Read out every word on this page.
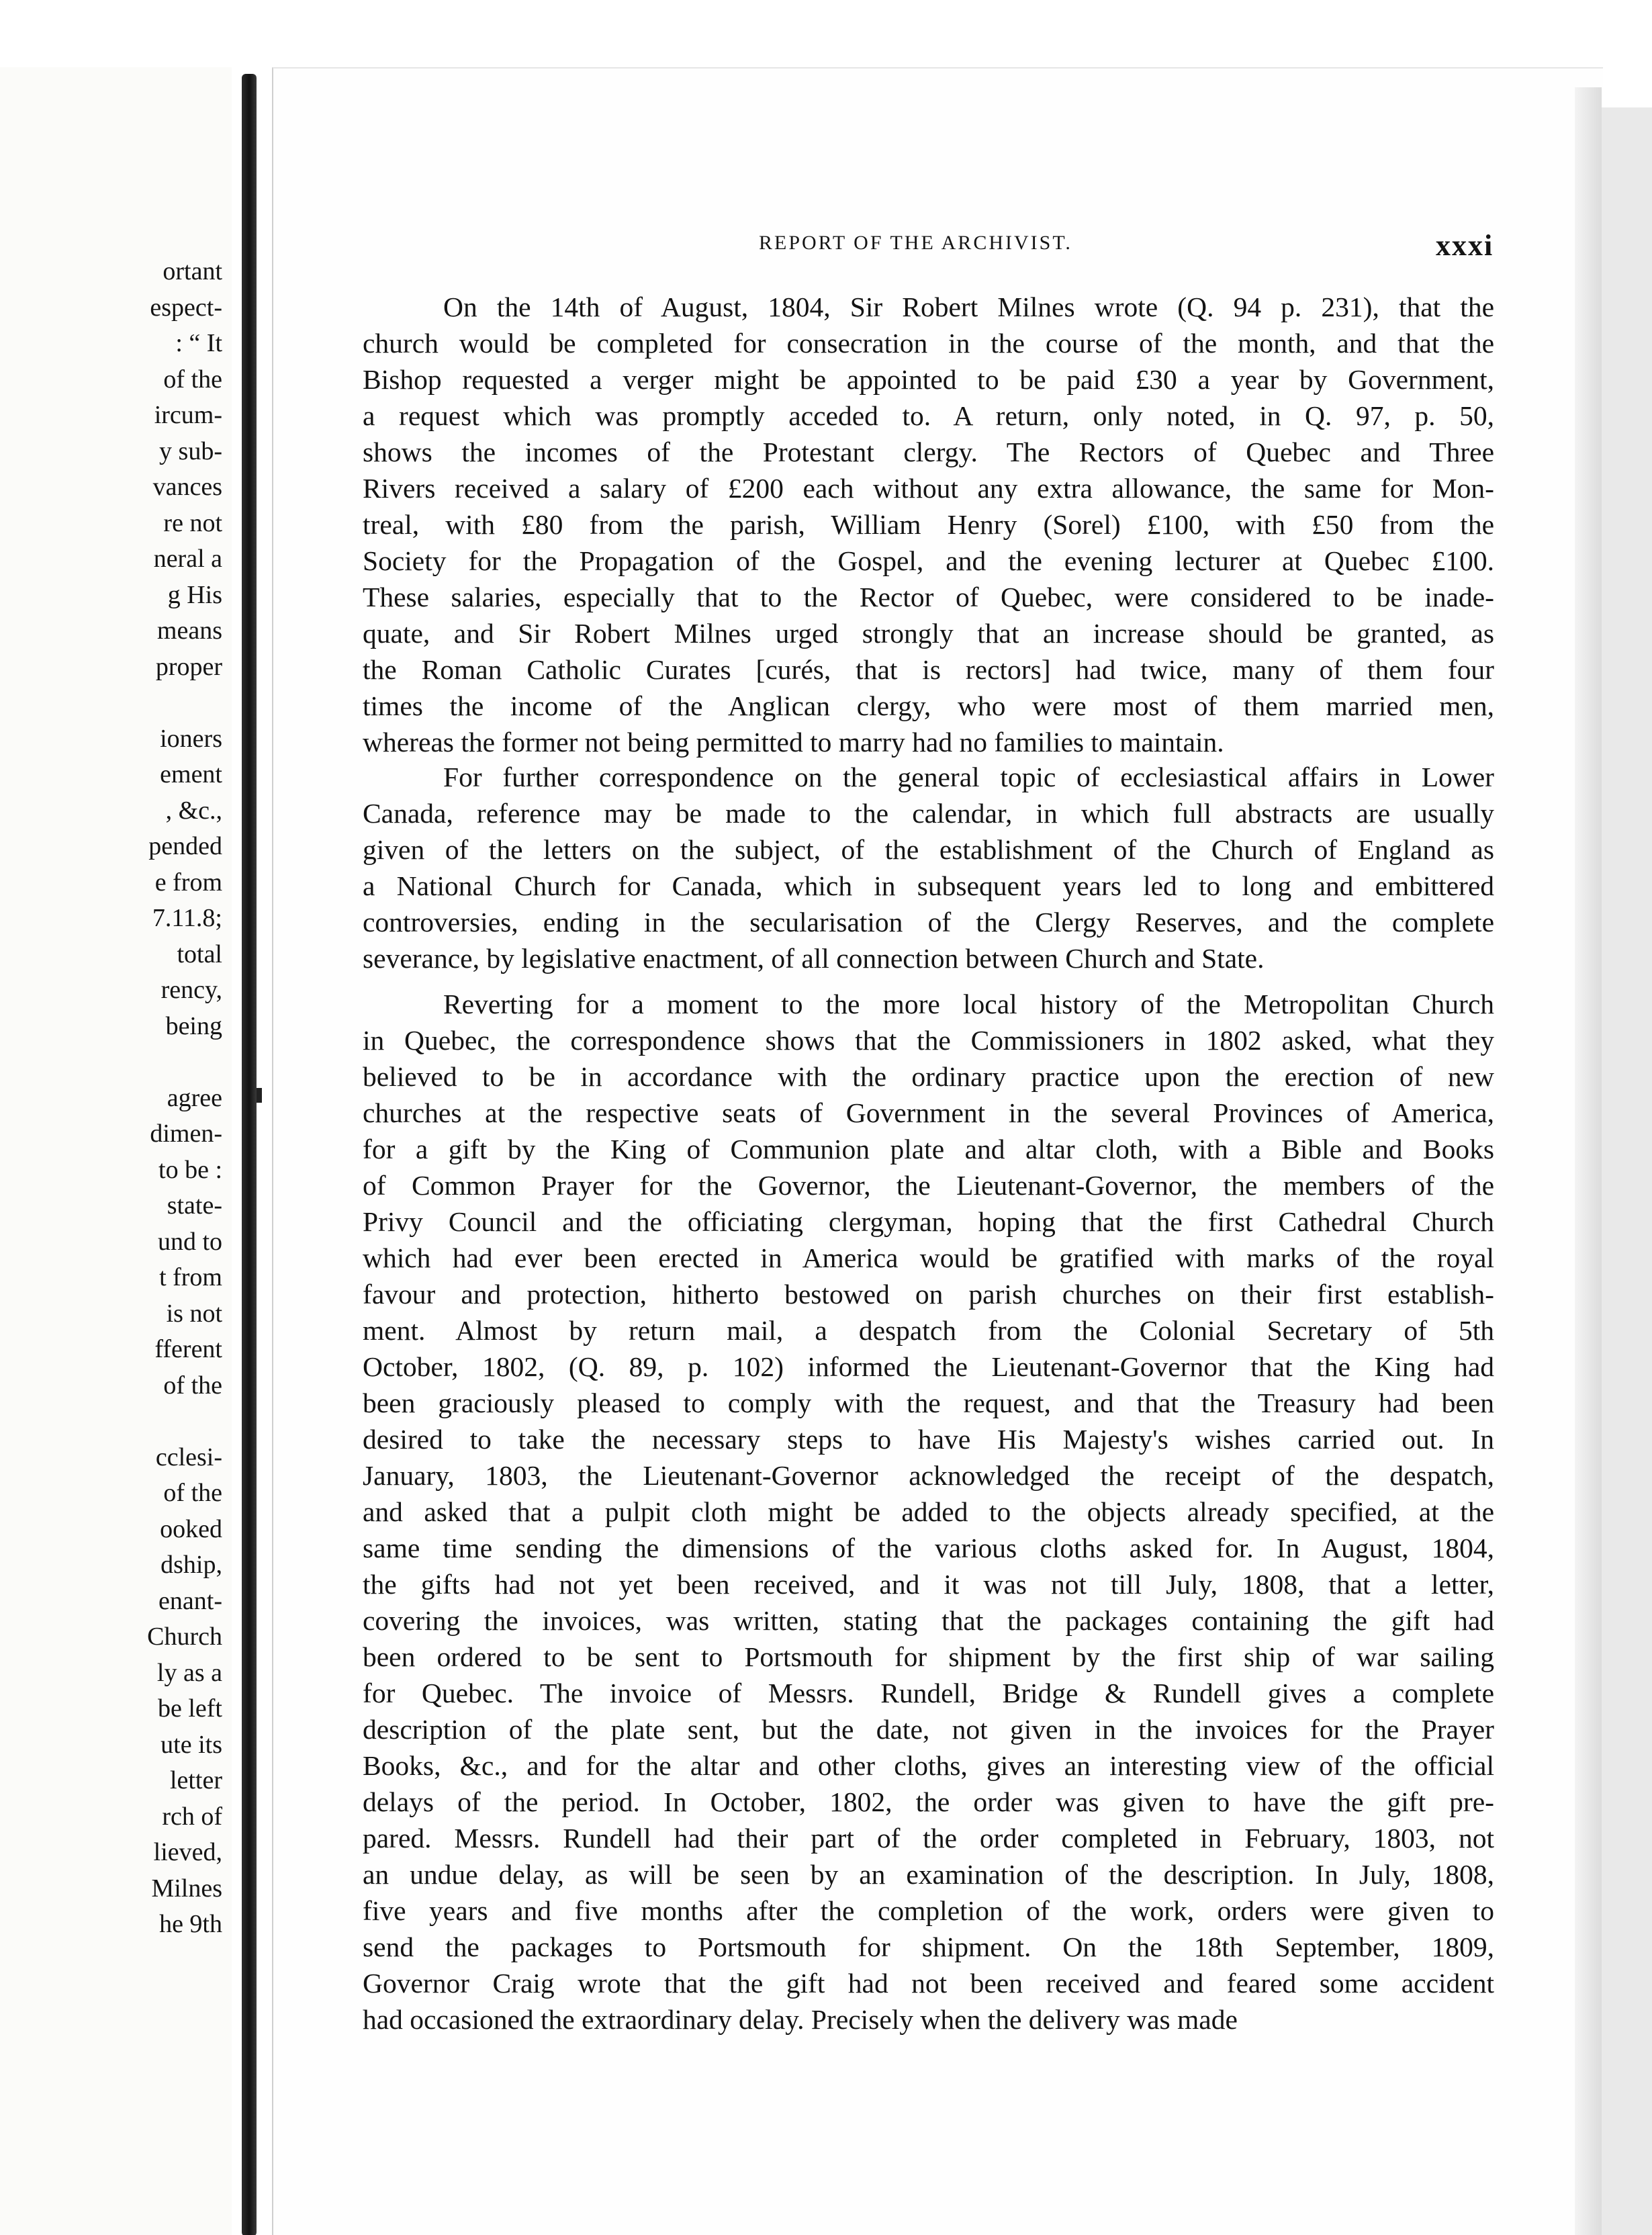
ortant
espect-
: “ It
of the
ircum-
y sub-
vances
re not
neral a
g His
means
proper
ioners
ement
, &c.,
pended
e from
7.11.8;
total
rency,
being
agree
dimen-
to be :
state-
und to
t from
is not
fferent
of the
cclesi-
of the
ooked
dship,
enant-
Church
ly as a
be left
ute its
letter
rch of
lieved,
Milnes
he 9th
REPORT OF THE ARCHIVIST.	xxxi
On the 14th of August, 1804, Sir Robert Milnes wrote (Q. 94 p. 231), that the
church would be completed for consecration in the course of the month, and that the
Bishop requested a verger might be appointed to be paid £30 a year by Government,
a request which was promptly acceded to. A return, only noted, in Q. 97, p. 50,
shows the incomes of the Protestant clergy. The Rectors of Quebec and Three
Rivers received a salary of £200 each without any extra allowance, the same for Mon-
treal, with £80 from the parish, William Henry (Sorel) £100, with £50 from the
Society for the Propagation of the Gospel, and the evening lecturer at Quebec £100.
These salaries, especially that to the Rector of Quebec, were considered to be inade-
quate, and Sir Robert Milnes urged strongly that an increase should be granted, as
the Roman Catholic Curates [curés, that is rectors] had twice, many of them four
times the income of the Anglican clergy, who were most of them married men,
whereas the former not being permitted to marry had no families to maintain.
For further correspondence on the general topic of ecclesiastical affairs in Lower
Canada, reference may be made to the calendar, in which full abstracts are usually
given of the letters on the subject, of the establishment of the Church of England as
a National Church for Canada, which in subsequent years led to long and embittered
controversies, ending in the secularisation of the Clergy Reserves, and the complete
severance, by legislative enactment, of all connection between Church and State.
Reverting for a moment to the more local history of the Metropolitan Church
in Quebec, the correspondence shows that the Commissioners in 1802 asked, what they
believed to be in accordance with the ordinary practice upon the erection of new
churches at the respective seats of Government in the several Provinces of America,
for a gift by the King of Communion plate and altar cloth, with a Bible and Books
of Common Prayer for the Governor, the Lieutenant-Governor, the members of the
Privy Council and the officiating clergyman, hoping that the first Cathedral Church
which had ever been erected in America would be gratified with marks of the royal
favour and protection, hitherto bestowed on parish churches on their first establish-
ment. Almost by return mail, a despatch from the Colonial Secretary of 5th
October, 1802, (Q. 89, p. 102) informed the Lieutenant-Governor that the King had
been graciously pleased to comply with the request, and that the Treasury had been
desired to take the necessary steps to have His Majesty's wishes carried out. In
January, 1803, the Lieutenant-Governor acknowledged the receipt of the despatch,
and asked that a pulpit cloth might be added to the objects already specified, at the
same time sending the dimensions of the various cloths asked for. In August, 1804,
the gifts had not yet been received, and it was not till July, 1808, that a letter,
covering the invoices, was written, stating that the packages containing the gift had
been ordered to be sent to Portsmouth for shipment by the first ship of war sailing
for Quebec. The invoice of Messrs. Rundell, Bridge & Rundell gives a complete
description of the plate sent, but the date, not given in the invoices for the Prayer
Books, &c., and for the altar and other cloths, gives an interesting view of the official
delays of the period. In October, 1802, the order was given to have the gift pre-
pared. Messrs. Rundell had their part of the order completed in February, 1803, not
an undue delay, as will be seen by an examination of the description. In July, 1808,
five years and five months after the completion of the work, orders were given to
send the packages to Portsmouth for shipment. On the 18th September, 1809,
Governor Craig wrote that the gift had not been received and feared some accident
had occasioned the extraordinary delay. Precisely when the delivery was made
